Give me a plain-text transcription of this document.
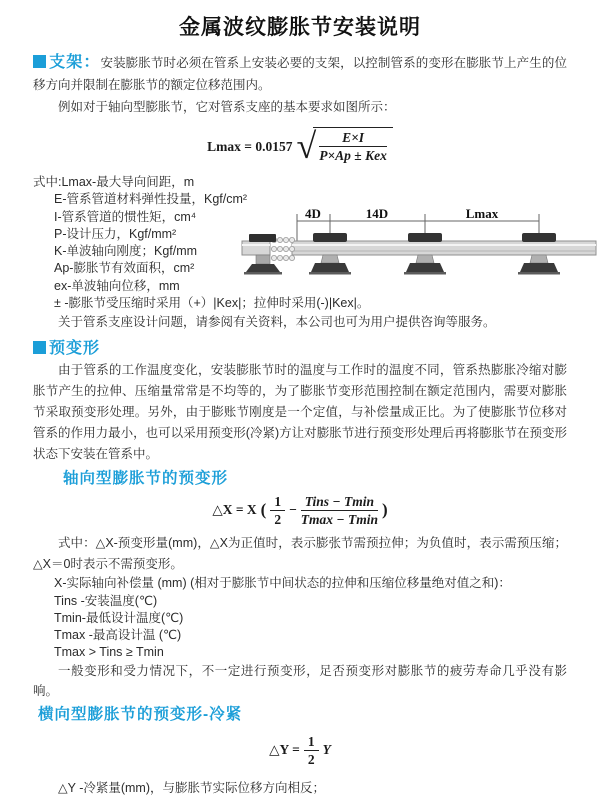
金属波纹膨胀节安装说明

支架：安装膨胀节时必须在管系上安装必要的支架，以控制管系的变形在膨胀节上产生的位移方向并限制在膨胀节的额定位移范围内。

例如对于轴向型膨胀节，它对管系支座的基本要求如图所示：

Lmax = 0.0157 √ $\frac{E\times I}{\text{P×Ap ± Kex}}$

式中:Lmax-最大导向间距，m

E-管系管道材料弹性投量，Kgf/cm²

I-管系管道的惯性矩，cm⁴

P-设计压力，Kgf/mm²

K-单波轴向刚度；Kgf/mm

Ap-膨胀节有效面积，cm²

ex-单波轴向位移，mm

± -膨胀节受压缩时采用（+）|Kex|；拉伸时采用(-)|Kex|。

关于管系支座设计问题，请参阅有关资料，本公司也可为用户提供咨询等服务。

预变形

由于管系的工作温度变化，安装膨胀节时的温度与工作时的温度不同，管系热膨胀冷缩对膨胀节产生的拉伸、压缩量常常是不均等的，为了膨胀节变形范围控制在额定范围内，需要对膨胀节采取预变形处理。另外，由于膨账节刚度是一个定值，与补偿量成正比。为了使膨胀节位移对管系的作用力最小，也可以采用预变形(冷紧)方让对膨胀节进行预变形处理后再将膨胀节在预变形状态下安装在管系中。

轴向型膨胀节的预变形
△X = X ( $\frac{1}{2} - \frac{\text{Tins − Tmin}}{Tmax - Tmin}$ )

式中：△X-预变形量(mm)，△X为正值时，表示膨张节需预拉伸；为负值时，表示需预压缩；△X＝0时表示不需预变形。

X-实际轴向补偿量 (mm) (相对于膨胀节中间状态的拉伸和压缩位移量绝对值之和)：

Tins -安装温度(℃)

Tmin-最低设计温度(℃)

Tmax -最高设计温 (℃)

Tmax > Tins ≥ Tmin

一般变形和受力情况下，不一定进行预变形，足否预变形对膨胀节的疲劳寿命几乎没有影响。

横向型膨胀节的预变形-冷紧
△Y = $\frac{1}{2}$ Y

△Y -冷紧量(mm)，与膨胀节实际位移方向相反；

4D	14D	Lmax
